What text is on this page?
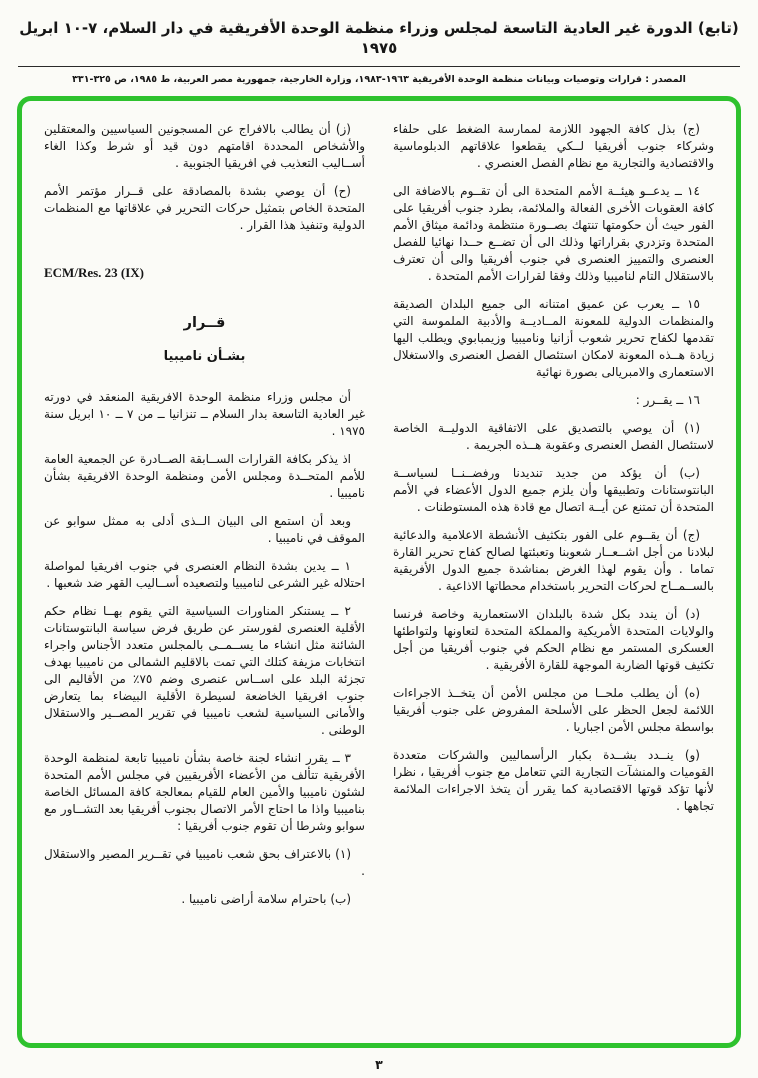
(تابع) الدورة غير العادية التاسعة لمجلس وزراء منظمة الوحدة الأفريقية في دار السلام، ٧-١٠ ابريل ١٩٧٥
المصدر : قرارات وتوصيات وبيانات منظمة الوحدة الأفريقية ١٩٦٣-١٩٨٣، وزارة الخارجية، جمهورية مصر العربية، ط ١٩٨٥، ص ٣٢٥-٣٣١

(ج) بذل كافة الجهود اللازمة لممارسة الضغط على حلفاء وشركاء جنوب أفريقيا لــكي يقطعوا علاقاتهم الدبلوماسية والاقتصادية والتجارية مع نظام الفصل العنصري .

١٤ ــ يدعــو هيئــة الأمم المتحدة الى أن تقــوم بالاضافة الى كافة العقوبات الأخرى الفعالة والملائمة، بطرد جنوب أفريقيا على الفور حيث أن حكومتها تنتهك بصــورة منتظمة ودائمة ميثاق الأمم المتحدة وتزدري بقراراتها وذلك الى أن تضــع حــدا نهائيا للفصل العنصرى والتمييز العنصرى في جنوب أفريقيا والى أن تعترف بالاستقلال التام لناميبيا وذلك وفقا لقرارات الأمم المتحدة .

١٥ ــ يعرب عن عميق امتنانه الى جميع البلدان الصديقة والمنظمات الدولية للمعونة المــاديــة والأدبية الملموسة التي تقدمها لكفاح تحرير شعوب أزانيا وناميبيا وزيمبابوي ويطلب اليها زيادة هــذه المعونة لامكان استئصال الفصل العنصرى والاستغلال الاستعمارى والامبريالى بصورة نهائية

١٦ ــ يقــرر :

(١) أن يوصي بالتصديق على الاتفاقية الدوليــة الخاصة لاستئصال الفصل العنصرى وعقوبة هــذه الجريمة .

(ب) أن يؤكد من جديد تنديدنا ورفضــنــا لسياســة البانتوستانات وتطبيقها وأن يلزم جميع الدول الأعضاء في الأمم المتحدة أن تمتنع عن أيــة اتصال مع قادة هذه المستوطنات .

(ج) أن يقــوم على الفور بتكثيف الأنشطة الاعلامية والدعائية لبلادنا من أجل اشــعــار شعوبنا وتعبئتها لصالح كفاح تحرير القارة تماما . وأن يقوم لهذا الغرض بمناشدة جميع الدول الأفريقية بالســمــاح لحركات التحرير باستخدام محطاتها الاذاعية .

(د) أن يندد بكل شدة بالبلدان الاستعمارية وخاصة فرنسا والولايات المتحدة الأمريكية والمملكة المتحدة لتعاونها ولتواطئها العسكرى المستمر مع نظام الحكم في جنوب أفريقيا من أجل تكثيف قوتها الضاربة الموجهة للقارة الأفريقية .

(ه) أن يطلب ملحــا من مجلس الأمن أن يتخــذ الاجراءات اللائمة لجعل الحظر على الأسلحة المفروض على جنوب أفريقيا بواسطة مجلس الأمن اجباريا .

(و) ينــدد بشــدة بكبار الرأسماليين والشركات متعددة القوميات والمنشآت التجارية التي تتعامل مع جنوب أفريقيا ، نظرا لأنها تؤكد قوتها الاقتصادية كما يقرر أن يتخذ الاجراءات الملائمة تجاهها .

(ز) أن يطالب بالافراج عن المسجونين السياسيين والمعتقلين والأشخاص المحددة اقامتهم دون قيد أو شرط وكذا الغاء أســاليب التعذيب في افريقيا الجنوبية .

(ح) أن يوصي بشدة بالمصادقة على قــرار مؤتمر الأمم المتحدة الخاص بتمثيل حركات التحرير في علاقاتها مع المنظمات الدولية وتنفيذ هذا القرار .

ECM/Res. 23 (IX)
قــرار
بشـأن ناميبيا

أن مجلس وزراء منظمة الوحدة الافريقية المنعقد في دورته غير العادية التاسعة بدار السلام ــ تنزانيا ــ من ٧ ــ ١٠ ابريل سنة ١٩٧٥ .

اذ يذكر بكافة القرارات الســابقة الصــادرة عن الجمعية العامة للأمم المتحــدة ومجلس الأمن ومنظمة الوحدة الافريقية بشأن ناميبيا .

وبعد أن استمع الى البيان الــذى أدلى به ممثل سوابو عن الموقف في ناميبيا .

١ ــ يدين بشدة النظام العنصرى في جنوب افريقيا لمواصلة احتلاله غير الشرعى لناميبيا ولتصعيده أســاليب القهر ضد شعبها .

٢ ــ يستنكر المناورات السياسية التي يقوم بهــا نظام حكم الأقلية العنصرى لفورستر عن طريق فرض سياسة البانتوستانات الشائنة مثل انشاء ما يســمــى بالمجلس متعدد الأجناس واجراء انتخابات مزيفة كتلك التي تمت بالاقليم الشمالى من ناميبيا بهدف تجزئة البلد على اســاس عنصرى وضم ٧٥٪ من الأقاليم الى جنوب افريقيا الخاضعة لسيطرة الأقلية البيضاء بما يتعارض والأمانى السياسية لشعب ناميبيا في تقرير المصــير والاستقلال الوطنى .

٣ ــ يقرر انشاء لجنة خاصة بشأن ناميبيا تابعة لمنظمة الوحدة الأفريقية تتألف من الأعضاء الأفريقيين في مجلس الأمم المتحدة لشئون ناميبيا والأمين العام للقيام بمعالجة كافة المسائل الخاصة بناميبيا واذا ما احتاج الأمر الاتصال بجنوب أفريقيا بعد التشــاور مع سوابو وشرطا أن تقوم جنوب أفريقيا :

(١) بالاعتراف بحق شعب ناميبيا في تقــرير المصير والاستقلال .

(ب) باحترام سلامة أراضى ناميبيا .

٣
